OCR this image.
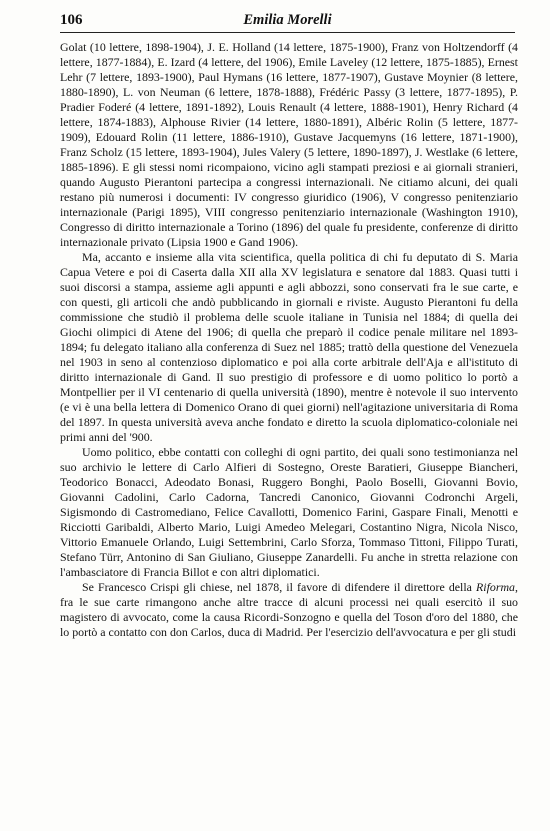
106	Emilia Morelli

Golat (10 lettere, 1898-1904), J. E. Holland (14 lettere, 1875-1900), Franz von Holtzendorff (4 lettere, 1877-1884), E. Izard (4 lettere, del 1906), Emile Laveley (12 lettere, 1875-1885), Ernest Lehr (7 lettere, 1893-1900), Paul Hymans (16 lettere, 1877-1907), Gustave Moynier (8 lettere, 1880-1890), L. von Neuman (6 lettere, 1878-1888), Frédéric Passy (3 lettere, 1877-1895), P. Pradier Foderé (4 lettere, 1891-1892), Louis Renault (4 lettere, 1888-1901), Henry Richard (4 lettere, 1874-1883), Alphouse Rivier (14 lettere, 1880-1891), Albéric Rolin (5 lettere, 1877-1909), Edouard Rolin (11 lettere, 1886-1910), Gustave Jacquemyns (16 lettere, 1871-1900), Franz Scholz (15 lettere, 1893-1904), Jules Valery (5 lettere, 1890-1897), J. Westlake (6 lettere, 1885-1896). E gli stessi nomi ricompaiono, vicino agli stampati preziosi e ai giornali stranieri, quando Augusto Pierantoni partecipa a congressi internazionali. Ne citiamo alcuni, dei quali restano più numerosi i documenti: IV congresso giuridico (1906), V congresso penitenziario internazionale (Parigi 1895), VIII congresso penitenziario internazionale (Washington 1910), Congresso di diritto internazionale a Torino (1896) del quale fu presidente, conferenze di diritto internazionale privato (Lipsia 1900 e Gand 1906).

Ma, accanto e insieme alla vita scientifica, quella politica di chi fu deputato di S. Maria Capua Vetere e poi di Caserta dalla XII alla XV legislatura e senatore dal 1883. Quasi tutti i suoi discorsi a stampa, assieme agli appunti e agli abbozzi, sono conservati fra le sue carte, e con questi, gli articoli che andò pubblicando in giornali e riviste. Augusto Pierantoni fu della commissione che studiò il problema delle scuole italiane in Tunisia nel 1884; di quella dei Giochi olimpici di Atene del 1906; di quella che preparò il codice penale militare nel 1893-1894; fu delegato italiano alla conferenza di Suez nel 1885; trattò della questione del Venezuela nel 1903 in seno al contenzioso diplomatico e poi alla corte arbitrale dell'Aja e all'istituto di diritto internazionale di Gand. Il suo prestigio di professore e di uomo politico lo portò a Montpellier per il VI centenario di quella università (1890), mentre è notevole il suo intervento (e vi è una bella lettera di Domenico Orano di quei giorni) nell'agitazione universitaria di Roma del 1897. In questa università aveva anche fondato e diretto la scuola diplomatico-coloniale nei primi anni del '900.

Uomo politico, ebbe contatti con colleghi di ogni partito, dei quali sono testimonianza nel suo archivio le lettere di Carlo Alfieri di Sostegno, Oreste Baratieri, Giuseppe Biancheri, Teodorico Bonacci, Adeodato Bonasi, Ruggero Bonghi, Paolo Boselli, Giovanni Bovio, Giovanni Cadolini, Carlo Cadorna, Tancredi Canonico, Giovanni Codronchi Argeli, Sigismondo di Castromediano, Felice Cavallotti, Domenico Farini, Gaspare Finali, Menotti e Ricciotti Garibaldi, Alberto Mario, Luigi Amedeo Melegari, Costantino Nigra, Nicola Nisco, Vittorio Emanuele Orlando, Luigi Settembrini, Carlo Sforza, Tommaso Tittoni, Filippo Turati, Stefano Türr, Antonino di San Giuliano, Giuseppe Zanardelli. Fu anche in stretta relazione con l'ambasciatore di Francia Billot e con altri diplomatici.

Se Francesco Crispi gli chiese, nel 1878, il favore di difendere il direttore della Riforma, fra le sue carte rimangono anche altre tracce di alcuni processi nei quali esercitò il suo magistero di avvocato, come la causa Ricordi-Sonzogno e quella del Toson d'oro del 1880, che lo portò a contatto con don Carlos, duca di Madrid. Per l'esercizio dell'avvocatura e per gli studi
